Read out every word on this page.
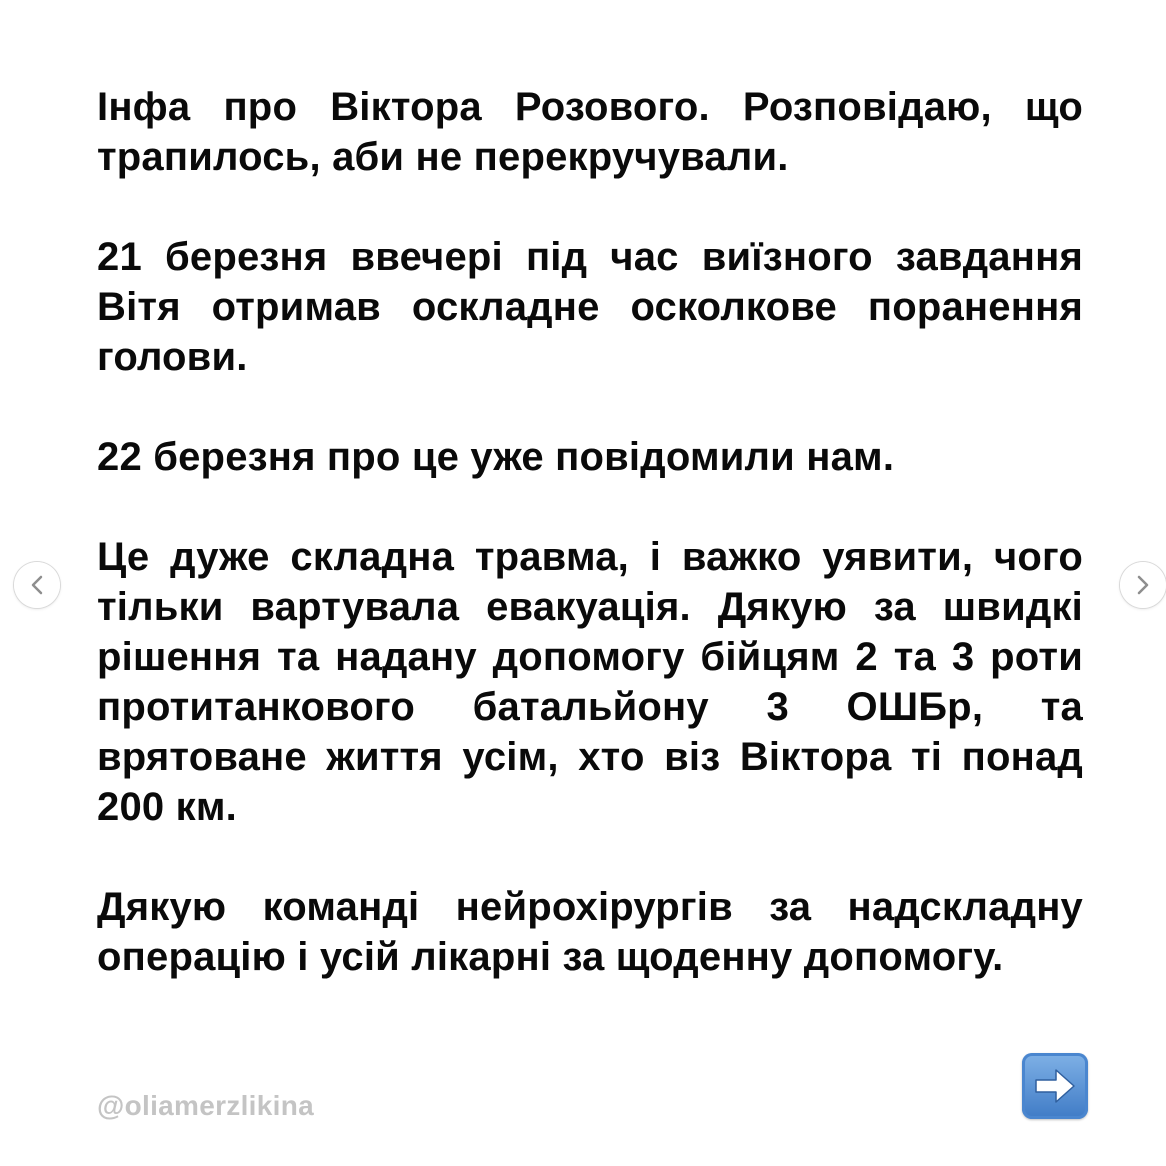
Інфа про Віктора Розового. Розповідаю, що трапилось, аби не перекручували.

21 березня ввечері під час виїзного завдання Вітя отримав оскладне осколкове поранення голови.

22 березня про це уже повідомили нам.

Це дуже складна травма, і важко уявити, чого тільки вартувала евакуація. Дякую за швидкі рішення та надану допомогу бійцям 2 та 3 роти протитанкового батальйону 3 ОШБр, та врятоване життя усім, хто віз Віктора ті понад 200 км.

Дякую команді нейрохірургів за надскладну операцію і усій лікарні за щоденну допомогу.

@oliamerzlikina
